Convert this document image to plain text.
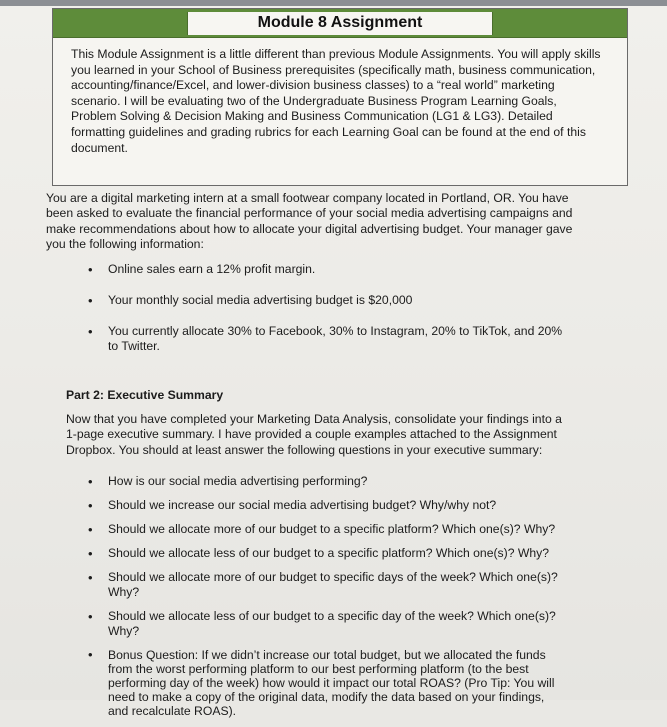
Module 8 Assignment
This Module Assignment is a little different than previous Module Assignments. You will apply skills you learned in your School of Business prerequisites (specifically math, business communication, accounting/finance/Excel, and lower-division business classes) to a “real world” marketing scenario. I will be evaluating two of the Undergraduate Business Program Learning Goals, Problem Solving & Decision Making and Business Communication (LG1 & LG3). Detailed formatting guidelines and grading rubrics for each Learning Goal can be found at the end of this document.
You are a digital marketing intern at a small footwear company located in Portland, OR. You have been asked to evaluate the financial performance of your social media advertising campaigns and make recommendations about how to allocate your digital advertising budget. Your manager gave you the following information:
• Online sales earn a 12% profit margin.
• Your monthly social media advertising budget is $20,000
• You currently allocate 30% to Facebook, 30% to Instagram, 20% to TikTok, and 20% to Twitter.
Part 2: Executive Summary
Now that you have completed your Marketing Data Analysis, consolidate your findings into a 1-page executive summary. I have provided a couple examples attached to the Assignment Dropbox. You should at least answer the following questions in your executive summary:
• How is our social media advertising performing?
• Should we increase our social media advertising budget? Why/why not?
• Should we allocate more of our budget to a specific platform? Which one(s)? Why?
• Should we allocate less of our budget to a specific platform? Which one(s)? Why?
• Should we allocate more of our budget to specific days of the week? Which one(s)? Why?
• Should we allocate less of our budget to a specific day of the week? Which one(s)? Why?
• Bonus Question: If we didn’t increase our total budget, but we allocated the funds from the worst performing platform to our best performing platform (to the best performing day of the week) how would it impact our total ROAS? (Pro Tip: You will need to make a copy of the original data, modify the data based on your findings, and recalculate ROAS).
